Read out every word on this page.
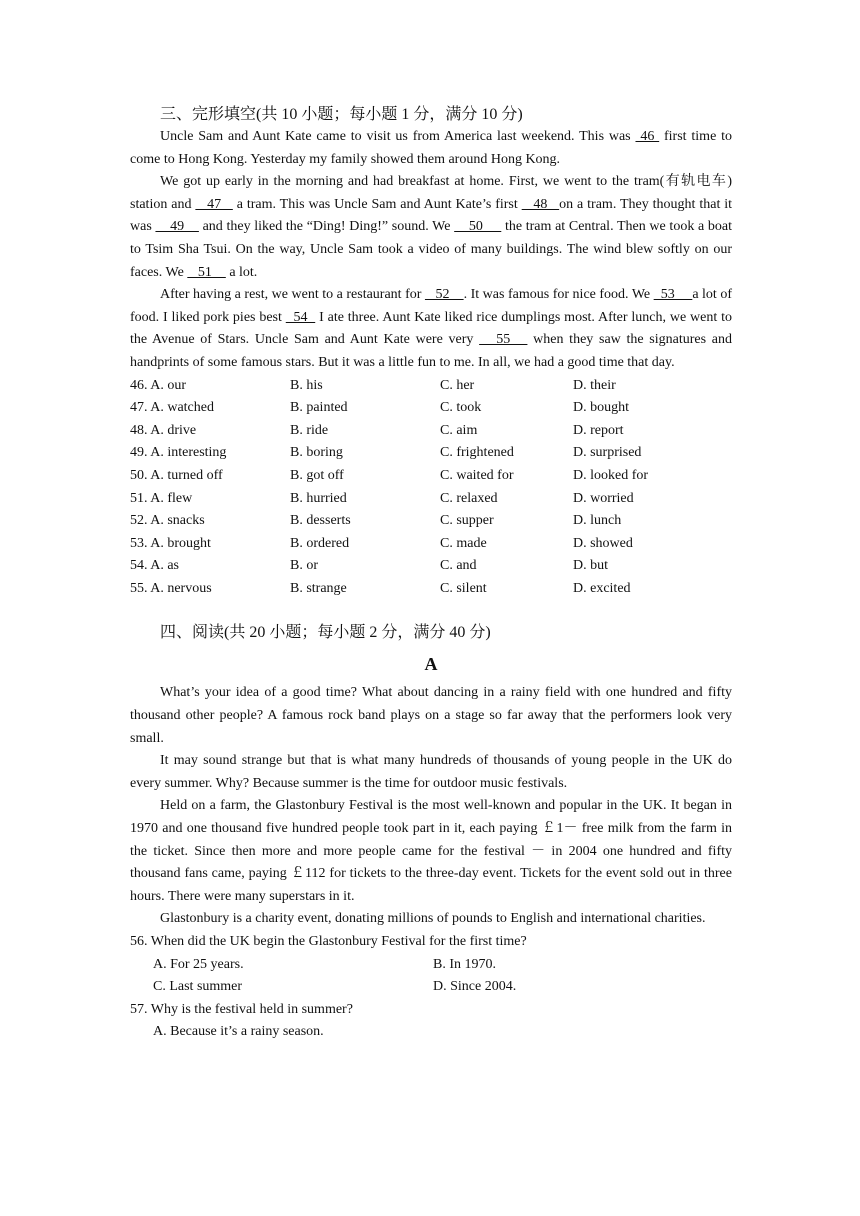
三、完形填空(共 10 小题；每小题 1 分，满分 10 分)

Uncle Sam and Aunt Kate came to visit us from America last weekend. This was  46  first time to come to Hong Kong. Yesterday my family showed them around Hong Kong.

We got up early in the morning and had breakfast at home. First, we went to the tram(有轨电车) station and    47    a tram. This was Uncle Sam and Aunt Kate’s first    48   on a tram. They thought that it was     49     and they liked the “Ding! Ding!” sound. We     50      the tram at Central. Then we took a boat to Tsim Sha Tsui. On the way, Uncle Sam took a video of many buildings. The wind blew softly on our faces. We    51     a lot.

After having a rest, we went to a restaurant for    52    . It was famous for nice food. We   53     a lot of food. I liked pork pies best   54   I ate three. Aunt Kate liked rice dumplings most. After lunch, we went to the Avenue of Stars. Uncle Sam and Aunt Kate were very    55    when they saw the signatures and handprints of some famous stars. But it was a little fun to me. In all, we had a good time that day.

46. A. our	B. his	C. her	D. their
47. A. watched	B. painted	C. took	D. bought
48. A. drive	B. ride	C. aim	D. report
49. A. interesting	B. boring	C. frightened	D. surprised
50. A. turned off	B. got off	C. waited for	D. looked for
51. A. flew	B. hurried	C. relaxed	D. worried
52. A. snacks	B. desserts	C. supper	D. lunch
53. A. brought	B. ordered	C. made	D. showed
54. A. as	B. or	C. and	D. but
55. A. nervous	B. strange	C. silent	D. excited

四、阅读(共 20 小题；每小题 2 分，满分 40 分)

A

What’s your idea of a good time? What about dancing in a rainy field with one hundred and fifty thousand other people? A famous rock band plays on a stage so far away that the performers look very small.

It may sound strange but that is what many hundreds of thousands of young people in the UK do every summer. Why? Because summer is the time for outdoor music festivals.

Held on a farm, the Glastonbury Festival is the most well-known and popular in the UK. It began in 1970 and one thousand five hundred people took part in it, each paying ￡1－ free milk from the farm in the ticket. Since then more and more people came for the festival － in 2004 one hundred and fifty thousand fans came, paying ￡112 for tickets to the three-day event. Tickets for the event sold out in three hours. There were many superstars in it.

Glastonbury is a charity event, donating millions of pounds to English and international charities.

56. When did the UK begin the Glastonbury Festival for the first time?

A. For 25 years.	B. In 1970.
C. Last summer	D. Since 2004.

57. Why is the festival held in summer?

A. Because it’s a rainy season.
